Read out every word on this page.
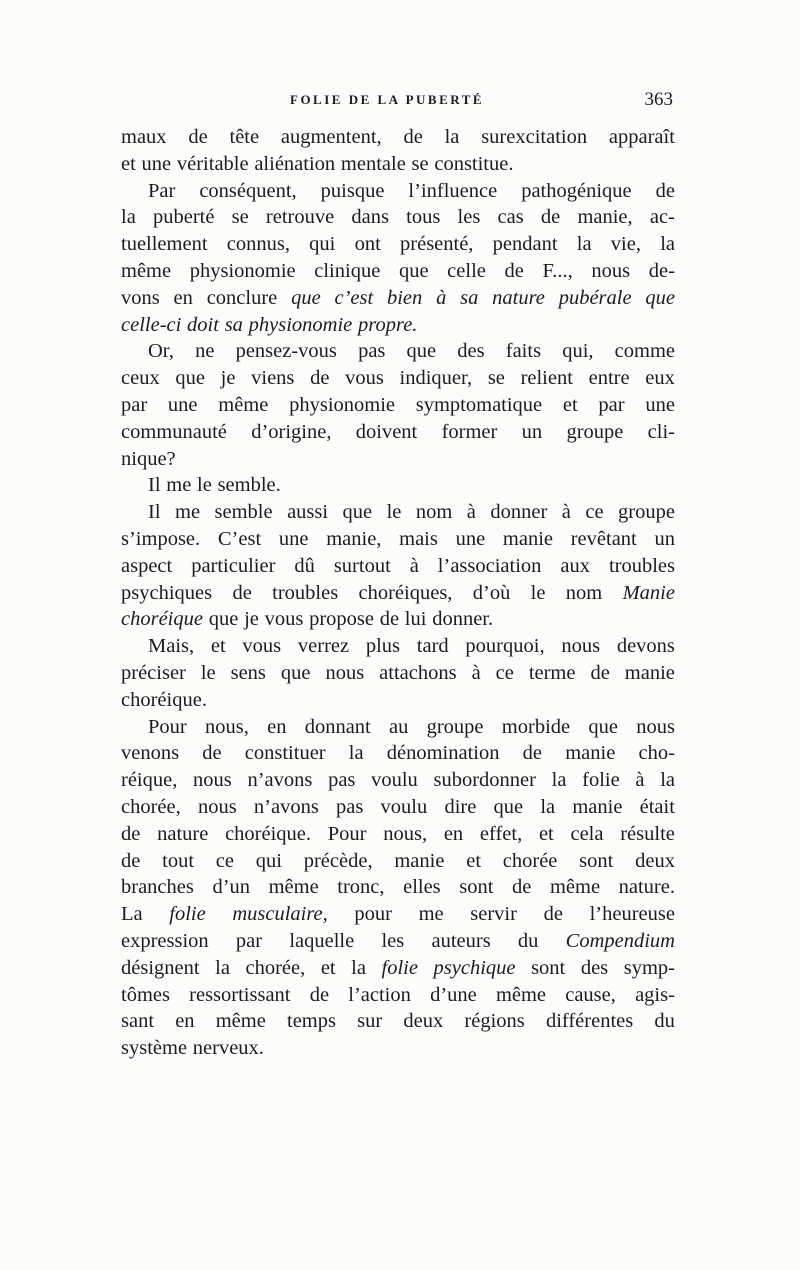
FOLIE DE LA PUBERTÉ	363
maux de tête augmentent, de la surexcitation apparaît
et une véritable aliénation mentale se constitue.
Par conséquent, puisque l’influence pathogénique de
la puberté se retrouve dans tous les cas de manie, ac-
tuellement connus, qui ont présenté, pendant la vie, la
même physionomie clinique que celle de F..., nous de-
vons en conclure que c’est bien à sa nature pubérale que
celle-ci doit sa physionomie propre.
Or, ne pensez-vous pas que des faits qui, comme
ceux que je viens de vous indiquer, se relient entre eux
par une même physionomie symptomatique et par une
communauté d’origine, doivent former un groupe cli-
nique?
Il me le semble.
Il me semble aussi que le nom à donner à ce groupe
s’impose. C’est une manie, mais une manie revêtant un
aspect particulier dû surtout à l’association aux troubles
psychiques de troubles choréiques, d’où le nom Manie
choréique que je vous propose de lui donner.
Mais, et vous verrez plus tard pourquoi, nous devons
préciser le sens que nous attachons à ce terme de manie
choréique.
Pour nous, en donnant au groupe morbide que nous
venons de constituer la dénomination de manie cho-
réique, nous n’avons pas voulu subordonner la folie à la
chorée, nous n’avons pas voulu dire que la manie était
de nature choréique. Pour nous, en effet, et cela résulte
de tout ce qui précède, manie et chorée sont deux
branches d’un même tronc, elles sont de même nature.
La folie musculaire, pour me servir de l’heureuse
expression par laquelle les auteurs du Compendium
désignent la chorée, et la folie psychique sont des symp-
tômes ressortissant de l’action d’une même cause, agis-
sant en même temps sur deux régions différentes du
système nerveux.
